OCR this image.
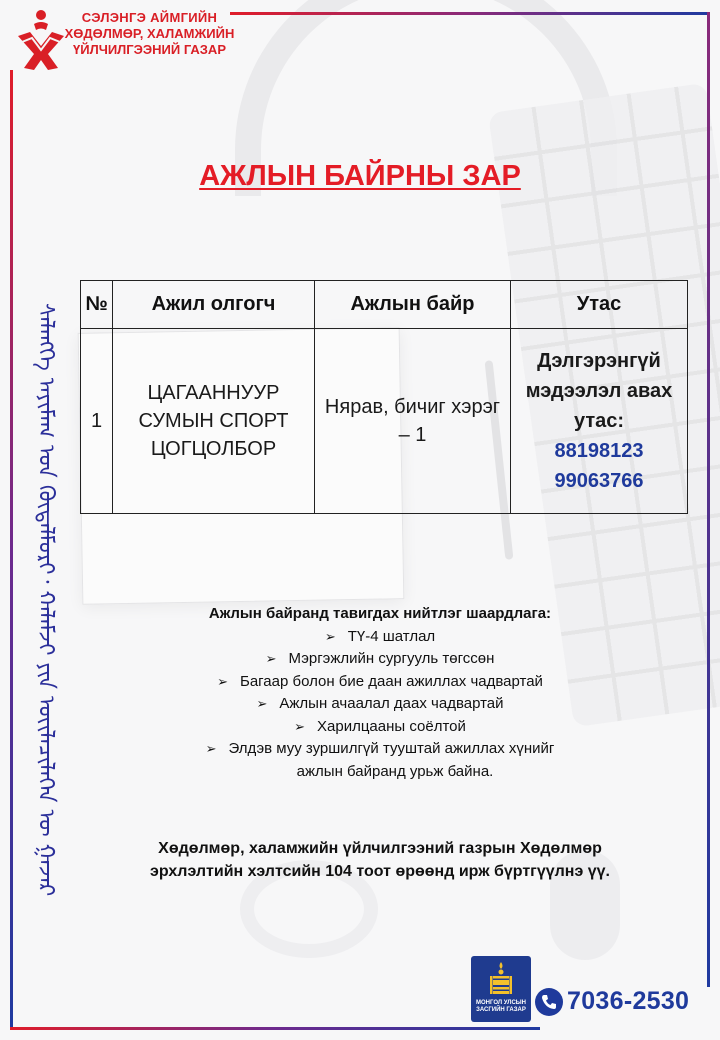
СЭЛЭНГЭ АЙМГИЙН
ХӨДӨЛМӨР, ХАЛАМЖИЙН
ҮЙЛЧИЛГЭЭНИЙ ГАЗАР
ᠰᠡᠯᠡᠩᠭᠡ ᠠᠶᠢᠮᠠᠭ ᠤᠨ ᠬᠥᠳᠡᠯᠮᠦᠷᠢ᠂ ᠬᠠᠯᠠᠮᠵᠢ ᠶᠢᠨ ᠦᠢᠯᠡᠴᠢᠯᠡᠭᠡᠨ ᠦ ᠭᠠᠵᠠᠷ
АЖЛЫН БАЙРНЫ ЗАР
№	Ажил олгогч	Ажлын байр	Утас
1	ЦАГААННУУР СУМЫН СПОРТ ЦОГЦОЛБОР	Нярав, бичиг хэрэг – 1	Дэлгэрэнгүй мэдээлэл авах утас:
88198123
99063766
Ажлын байранд тавигдах нийтлэг шаардлага:
➢ ТҮ-4 шатлал
➢ Мэргэжлийн сургууль төгссөн
➢ Багаар болон бие даан ажиллах чадвартай
➢ Ажлын ачаалал даах чадвартай
➢ Харилцааны соёлтой
➢ Элдэв муу зуршилгүй тууштай ажиллах хүнийг
ажлын байранд урьж байна.
Хөдөлмөр, халамжийн үйлчилгээний газрын Хөдөлмөр
эрхлэлтийн хэлтсийн 104 тоот өрөөнд ирж бүртгүүлнэ үү.
МОНГОЛ УЛСЫН
ЗАСГИЙН ГАЗАР 7036-2530
